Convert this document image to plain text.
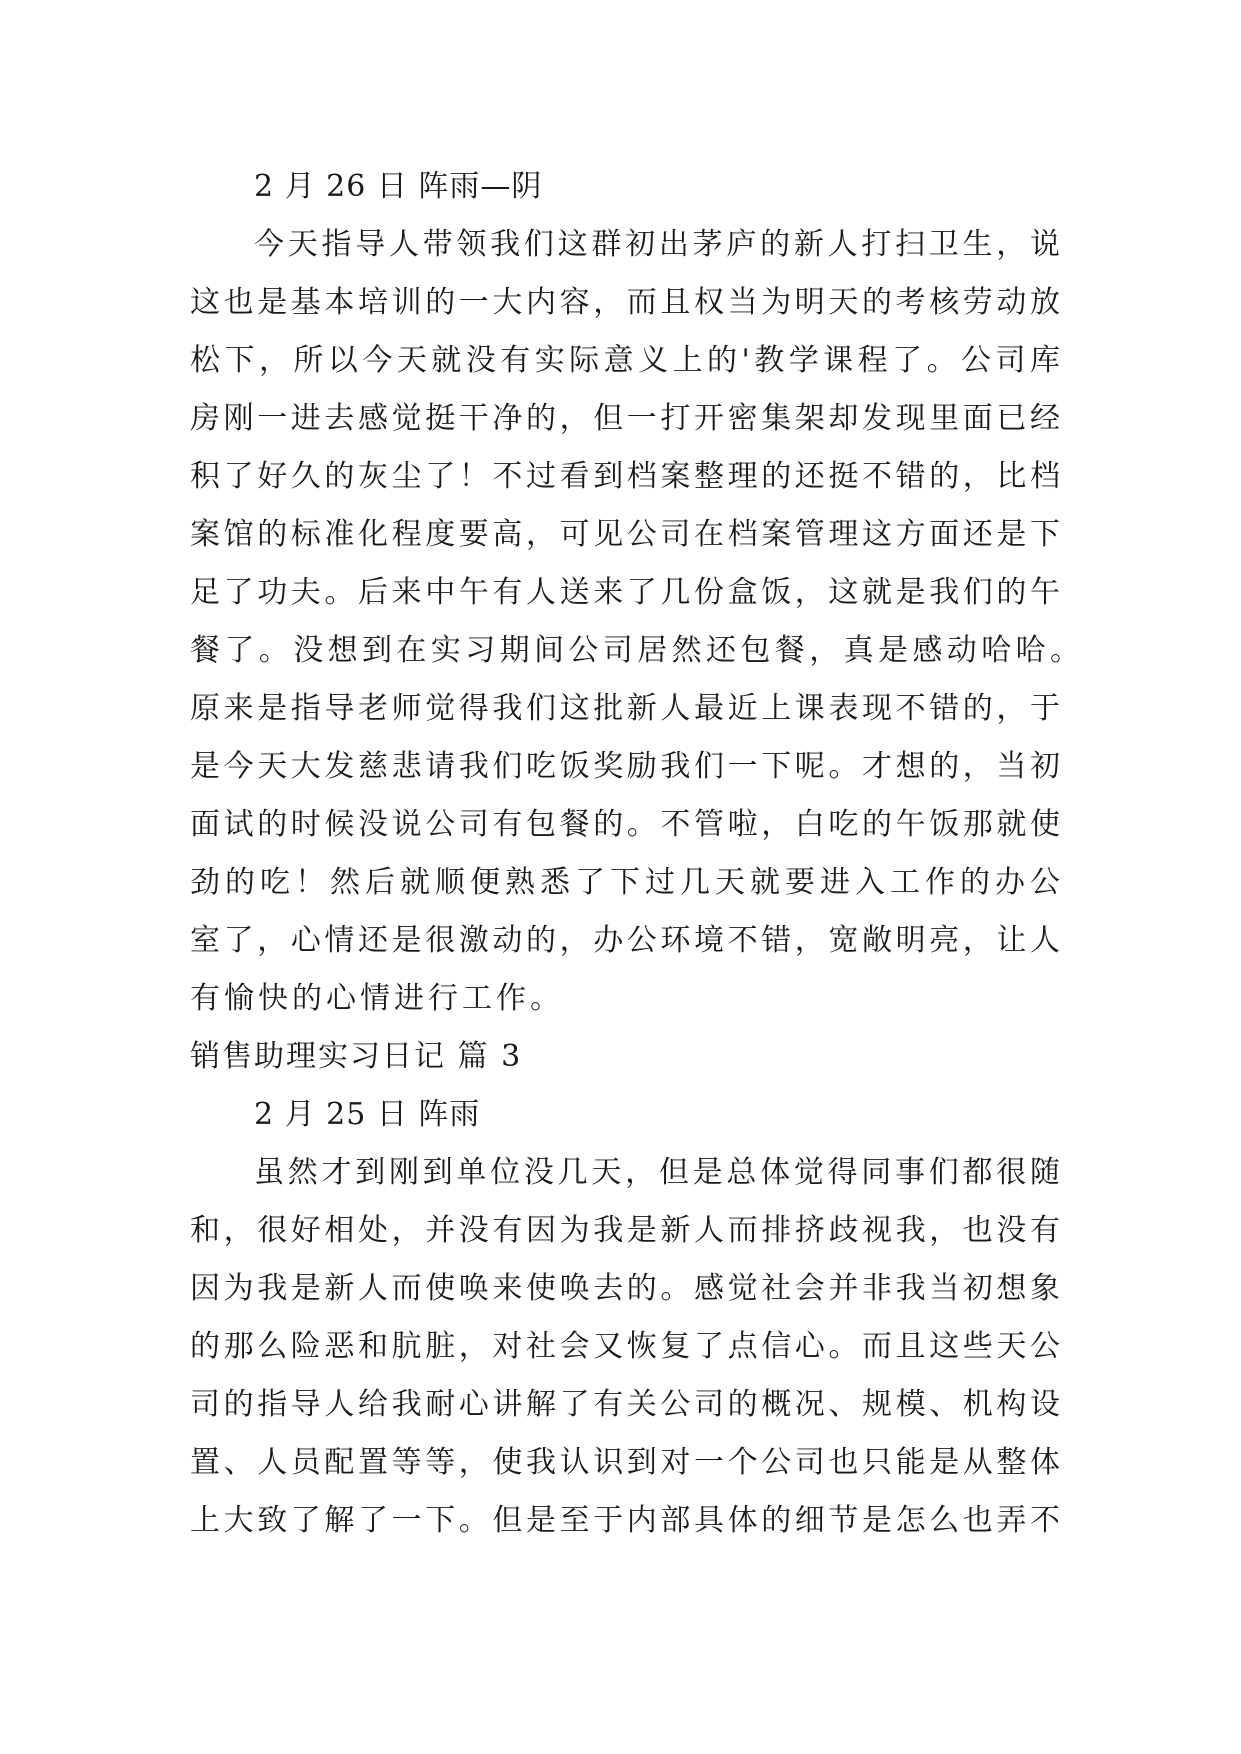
2 月 26 日 阵雨—阴
今天指导人带领我们这群初出茅庐的新人打扫卫生，说
这也是基本培训的一大内容，而且权当为明天的考核劳动放
松下，所以今天就没有实际意义上的'教学课程了。公司库
房刚一进去感觉挺干净的，但一打开密集架却发现里面已经
积了好久的灰尘了！不过看到档案整理的还挺不错的，比档
案馆的标准化程度要高，可见公司在档案管理这方面还是下
足了功夫。后来中午有人送来了几份盒饭，这就是我们的午
餐了。没想到在实习期间公司居然还包餐，真是感动哈哈。
原来是指导老师觉得我们这批新人最近上课表现不错的，于
是今天大发慈悲请我们吃饭奖励我们一下呢。才想的，当初
面试的时候没说公司有包餐的。不管啦，白吃的午饭那就使
劲的吃！然后就顺便熟悉了下过几天就要进入工作的办公
室了，心情还是很激动的，办公环境不错，宽敞明亮，让人
有愉快的心情进行工作。
销售助理实习日记 篇 3
2 月 25 日 阵雨
虽然才到刚到单位没几天，但是总体觉得同事们都很随
和，很好相处，并没有因为我是新人而排挤歧视我，也没有
因为我是新人而使唤来使唤去的。感觉社会并非我当初想象
的那么险恶和肮脏，对社会又恢复了点信心。而且这些天公
司的指导人给我耐心讲解了有关公司的概况、规模、机构设
置、人员配置等等，使我认识到对一个公司也只能是从整体
上大致了解了一下。但是至于内部具体的细节是怎么也弄不
